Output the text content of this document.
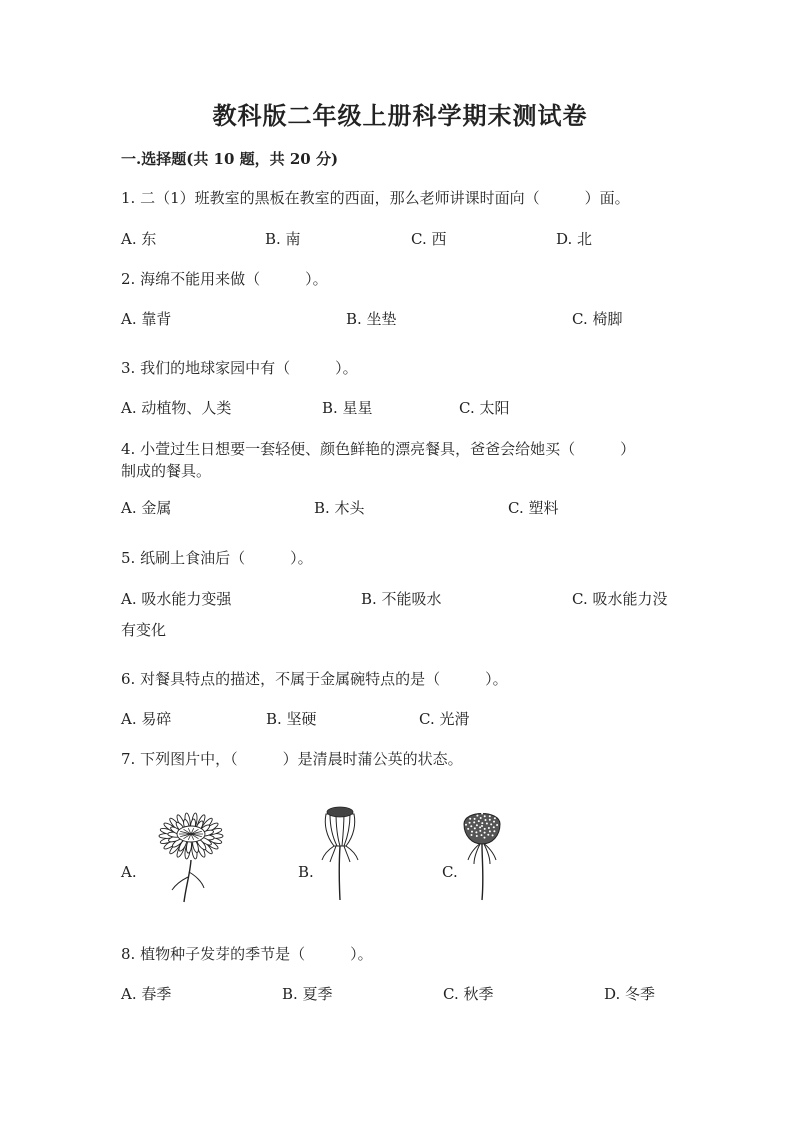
教科版二年级上册科学期末测试卷
一.选择题(共 10 题，共 20 分)
1. 二（1）班教室的黑板在教室的西面，那么老师讲课时面向（　　　）面。
A. 东	B. 南	C. 西	D. 北
2. 海绵不能用来做（　　　）。
A. 靠背	B. 坐垫	C. 椅脚
3. 我们的地球家园中有（　　　）。
A. 动植物、人类	B. 星星	C. 太阳
4. 小萱过生日想要一套轻便、颜色鲜艳的漂亮餐具，爸爸会给她买（　　　）
制成的餐具。
A. 金属	B. 木头	C. 塑料
5. 纸刷上食油后（　　　）。
A. 吸水能力变强	B. 不能吸水	C. 吸水能力没
有变化
6. 对餐具特点的描述，不属于金属碗特点的是（　　　）。
A. 易碎	B. 坚硬	C. 光滑
7. 下列图片中，（　　　）是清晨时蒲公英的状态。
A.	B.	C.
8. 植物种子发芽的季节是（　　　）。
A. 春季	B. 夏季	C. 秋季	D. 冬季
